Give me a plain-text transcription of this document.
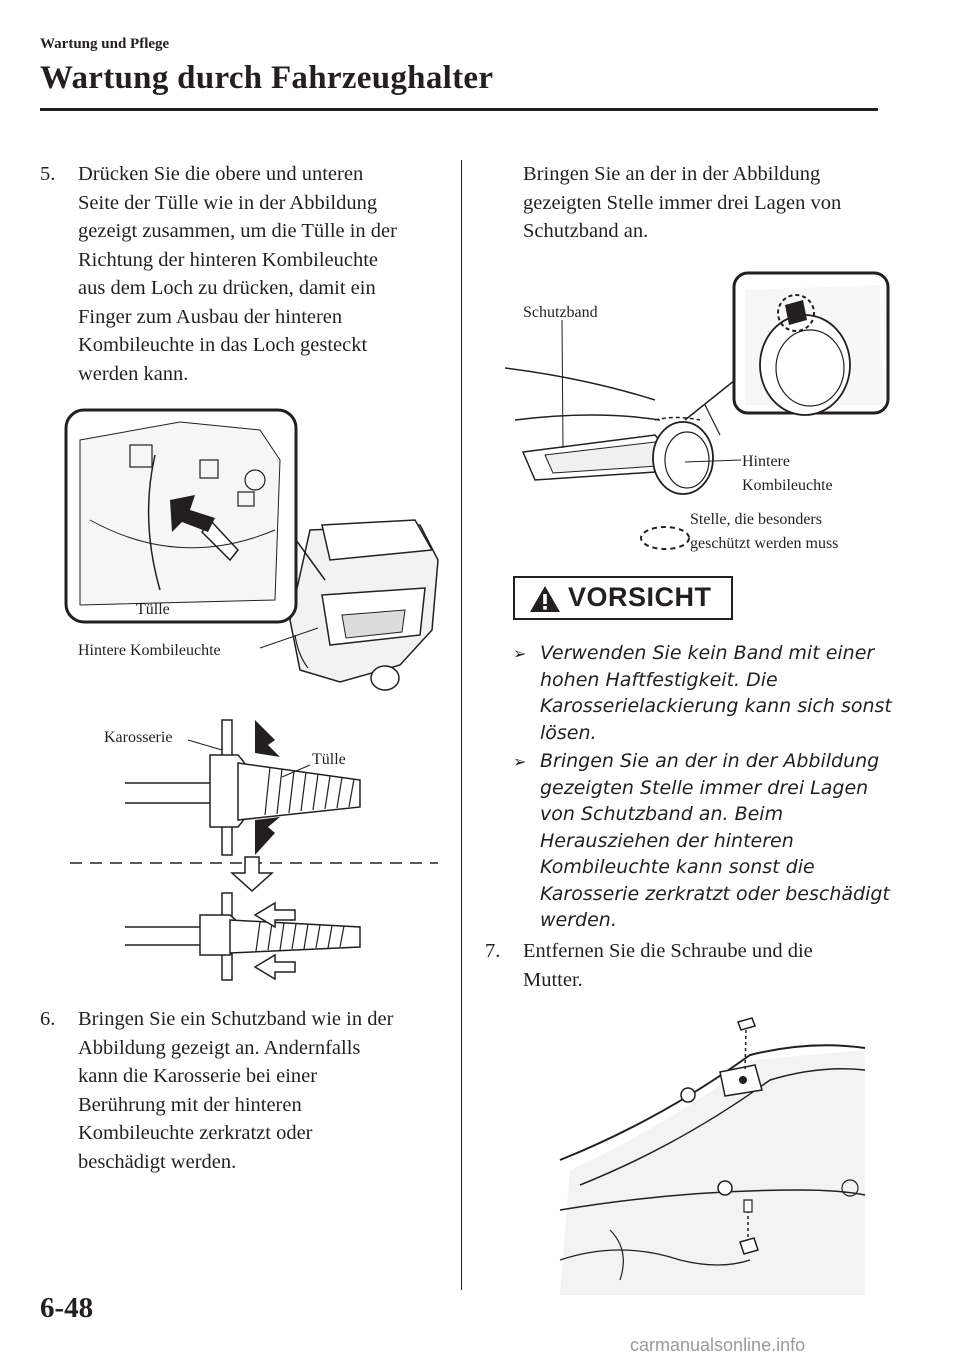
Wartung und Pflege
Wartung durch Fahrzeughalter
5. Drücken Sie die obere und unteren
Seite der Tülle wie in der Abbildung
gezeigt zusammen, um die Tülle in der
Richtung der hinteren Kombileuchte
aus dem Loch zu drücken, damit ein
Finger zum Ausbau der hinteren
Kombileuchte in das Loch gesteckt
werden kann.
Tülle
Hintere Kombileuchte
Karosserie
Tülle
6. Bringen Sie ein Schutzband wie in der
Abbildung gezeigt an. Andernfalls
kann die Karosserie bei einer
Berührung mit der hinteren
Kombileuchte zerkratzt oder
beschädigt werden.
Bringen Sie an der in der Abbildung
gezeigten Stelle immer drei Lagen von
Schutzband an.
Schutzband
Hintere
Kombileuchte
Stelle, die besonders
geschützt werden muss
VORSICHT
➢ Verwenden Sie kein Band mit einer
hohen Haftfestigkeit. Die
Karosserielackierung kann sich sonst
lösen.
➢ Bringen Sie an der in der Abbildung
gezeigten Stelle immer drei Lagen
von Schutzband an. Beim
Herausziehen der hinteren
Kombileuchte kann sonst die
Karosserie zerkratzt oder beschädigt
werden.
7. Entfernen Sie die Schraube und die
Mutter.
6-48
carmanualsonline.info
